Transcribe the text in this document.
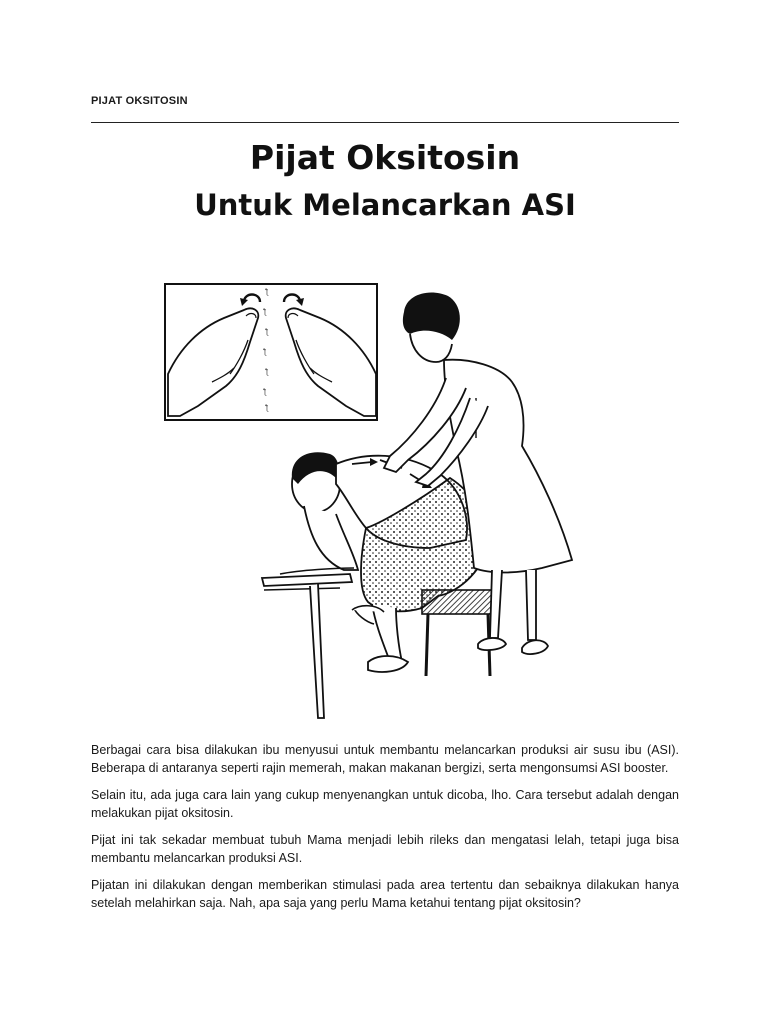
PIJAT OKSITOSIN
Pijat Oksitosin
Untuk Melancarkan ASI
ƪ
ƪ
ƪ
ƪ
ƪ
ƪ
ƪ

Berbagai cara bisa dilakukan ibu menyusui untuk membantu melancarkan produksi air susu ibu (ASI). Beberapa di antaranya seperti rajin memerah, makan makanan bergizi, serta mengonsumsi ASI booster.

Selain itu, ada juga cara lain yang cukup menyenangkan untuk dicoba, lho. Cara tersebut adalah dengan melakukan pijat oksitosin.

Pijat ini tak sekadar membuat tubuh Mama menjadi lebih rileks dan mengatasi lelah, tetapi juga bisa membantu melancarkan produksi ASI.

Pijatan ini dilakukan dengan memberikan stimulasi pada area tertentu dan sebaiknya dilakukan hanya setelah melahirkan saja. Nah, apa saja yang perlu Mama ketahui tentang pijat oksitosin?
